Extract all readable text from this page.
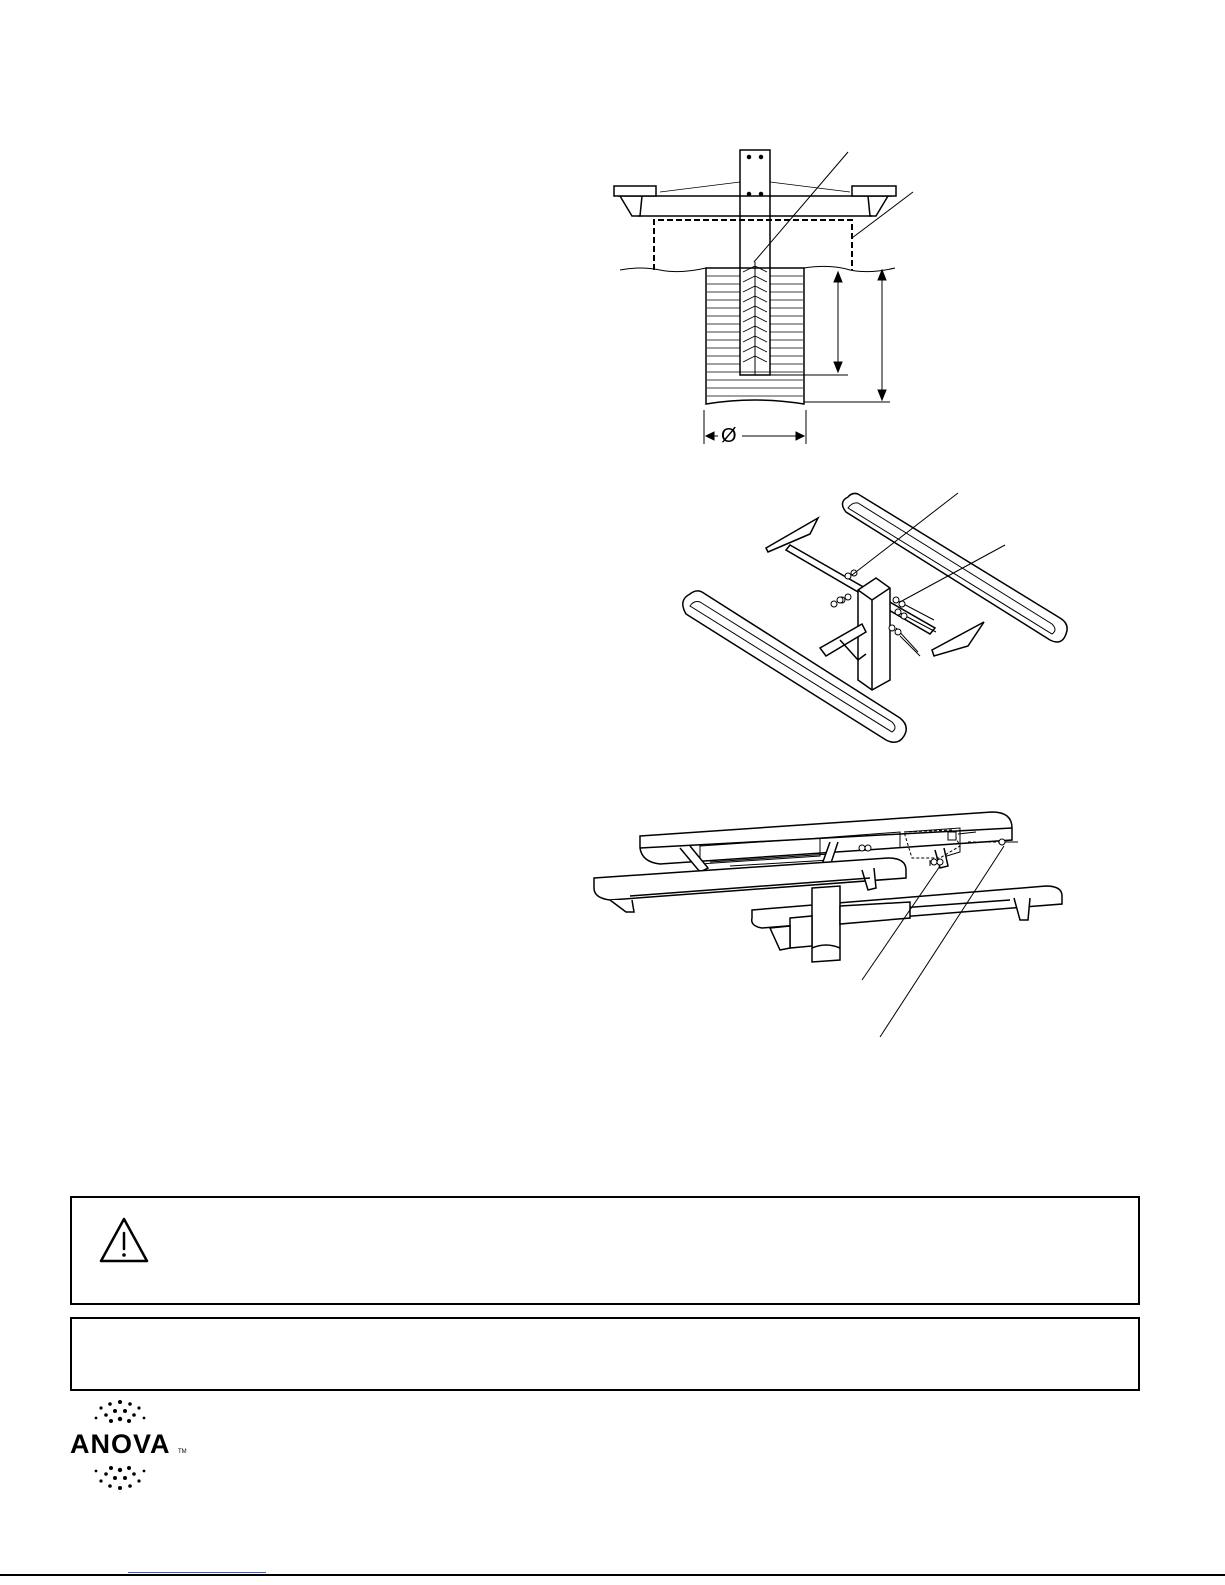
Ø
ANOVA TM
